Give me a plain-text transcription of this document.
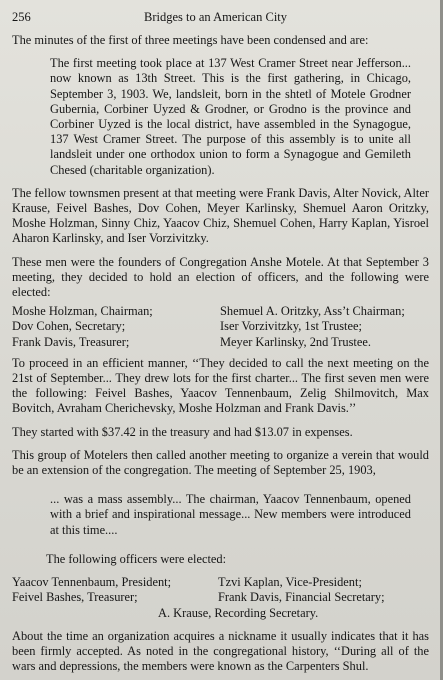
256	Bridges to an American City

The minutes of the first of three meetings have been condensed and are:

The first meeting took place at 137 West Cramer Street near Jefferson... now known as 13th Street. This is the first gathering, in Chicago, September 3, 1903. We, landsleit, born in the shtetl of Motele Grodner Gubernia, Corbiner Uyzed & Grodner, or Grodno is the province and Corbiner Uyzed is the local district, have assembled in the Synagogue, 137 West Cramer Street. The purpose of this assembly is to unite all landsleit under one orthodox union to form a Synagogue and Gemileth Chesed (charitable organization).

The fellow townsmen present at that meeting were Frank Davis, Alter Novick, Alter Krause, Feivel Bashes, Dov Cohen, Meyer Karlinsky, Shemuel Aaron Oritzky, Moshe Holzman, Sinny Chiz, Yaacov Chiz, Shemuel Cohen, Harry Kaplan, Yisroel Aharon Karlinsky, and Iser Vorzivitzky.

These men were the founders of Congregation Anshe Motele. At that September 3 meeting, they decided to hold an election of officers, and the following were elected:

Moshe Holzman, Chairman;	Shemuel A. Oritzky, Ass’t Chairman;
Dov Cohen, Secretary;	Iser Vorzivitzky, 1st Trustee;
Frank Davis, Treasurer;	Meyer Karlinsky, 2nd Trustee.

To proceed in an efficient manner, ‘‘They decided to call the next meeting on the 21st of September... They drew lots for the first charter... The first seven men were the following: Feivel Bashes, Yaacov Tennenbaum, Zelig Shilmovitch, Max Bovitch, Avraham Cherichevsky, Moshe Holzman and Frank Davis.’’

They started with $37.42 in the treasury and had $13.07 in expenses.

This group of Motelers then called another meeting to organize a verein that would be an extension of the congregation. The meeting of September 25, 1903,

... was a mass assembly... The chairman, Yaacov Tennenbaum, opened with a brief and inspirational message... New members were introduced at this time....

The following officers were elected:

Yaacov Tennenbaum, President;	Tzvi Kaplan, Vice-President;
Feivel Bashes, Treasurer;	Frank Davis, Financial Secretary;
A. Krause, Recording Secretary.

About the time an organization acquires a nickname it usually indicates that it has been firmly accepted. As noted in the congregational history, ‘‘During all of the wars and depressions, the members were known as the Carpenters Shul.
